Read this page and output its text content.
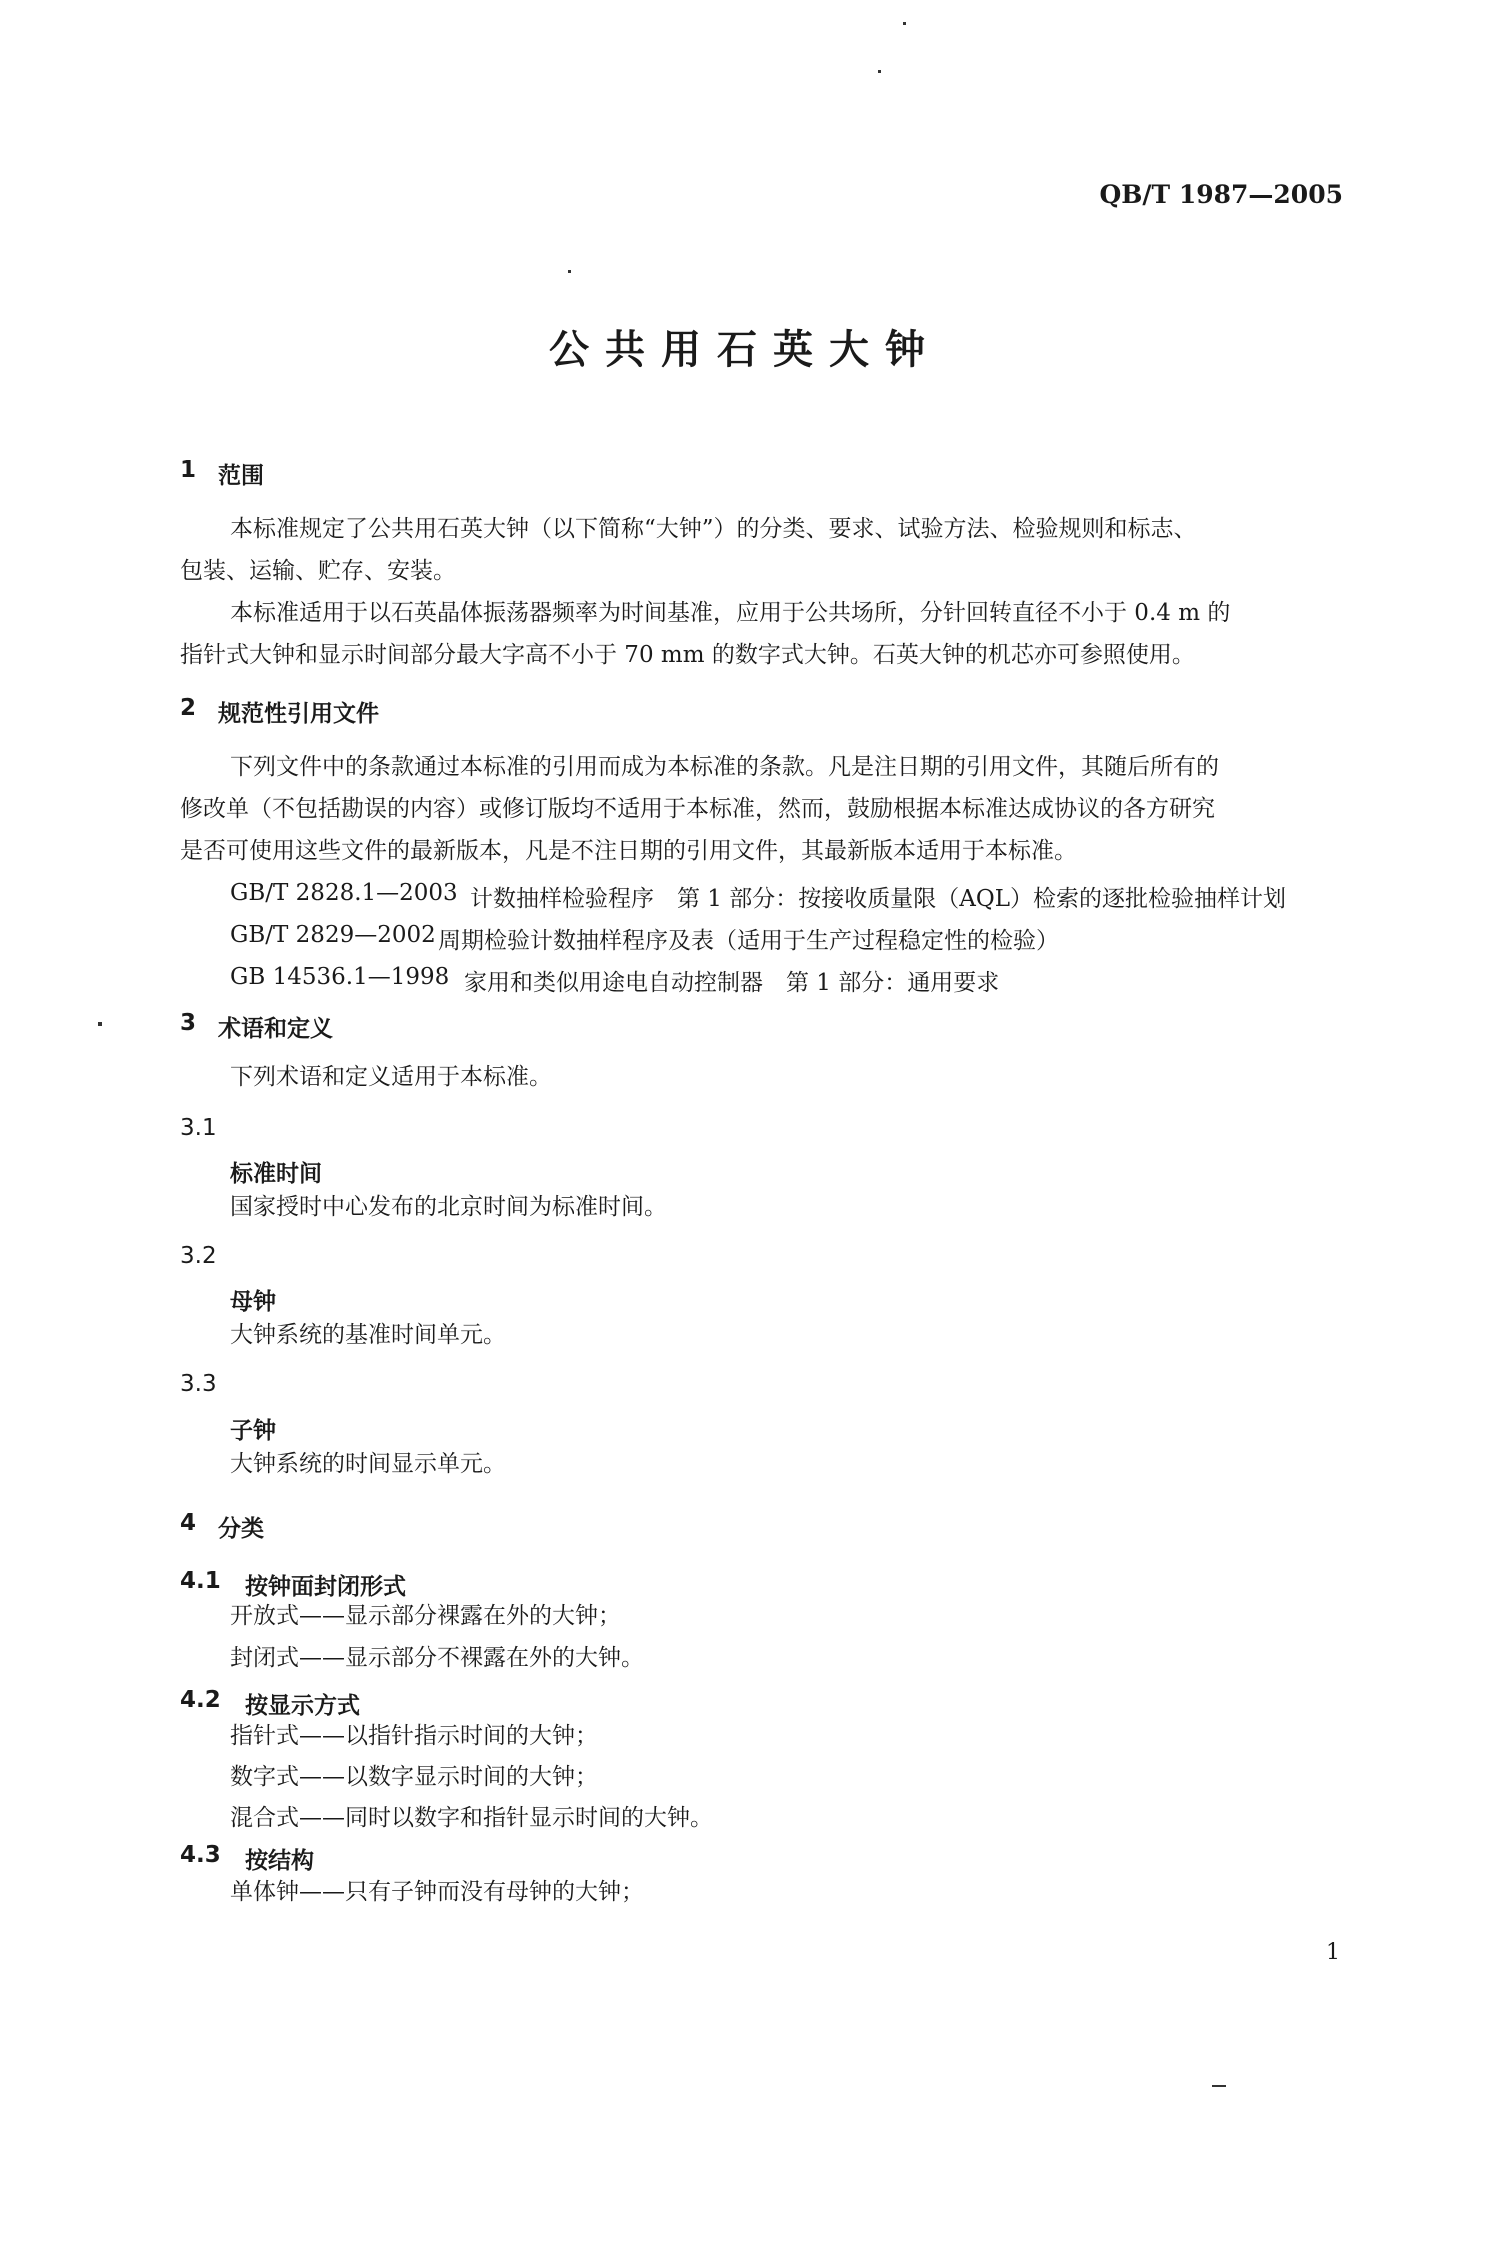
QB/T 1987—2005
公共用石英大钟
1 范围
本标准规定了公共用石英大钟（以下简称“大钟”）的分类、要求、试验方法、检验规则和标志、
包装、运输、贮存、安装。
本标准适用于以石英晶体振荡器频率为时间基准，应用于公共场所，分针回转直径不小于 0.4 m 的
指针式大钟和显示时间部分最大字高不小于 70 mm 的数字式大钟。石英大钟的机芯亦可参照使用。
2 规范性引用文件
下列文件中的条款通过本标准的引用而成为本标准的条款。凡是注日期的引用文件，其随后所有的
修改单（不包括勘误的内容）或修订版均不适用于本标准，然而，鼓励根据本标准达成协议的各方研究
是否可使用这些文件的最新版本，凡是不注日期的引用文件，其最新版本适用于本标准。
GB/T 2828.1—2003 计数抽样检验程序　第 1 部分：按接收质量限（AQL）检索的逐批检验抽样计划
GB/T 2829—2002 周期检验计数抽样程序及表（适用于生产过程稳定性的检验）
GB 14536.1—1998 家用和类似用途电自动控制器　第 1 部分：通用要求
3 术语和定义
下列术语和定义适用于本标准。
3.1
标准时间
国家授时中心发布的北京时间为标准时间。
3.2
母钟
大钟系统的基准时间单元。
3.3
子钟
大钟系统的时间显示单元。
4 分类
4.1 按钟面封闭形式
开放式——显示部分裸露在外的大钟；
封闭式——显示部分不裸露在外的大钟。
4.2 按显示方式
指针式——以指针指示时间的大钟；
数字式——以数字显示时间的大钟；
混合式——同时以数字和指针显示时间的大钟。
4.3 按结构
单体钟——只有子钟而没有母钟的大钟；
1
